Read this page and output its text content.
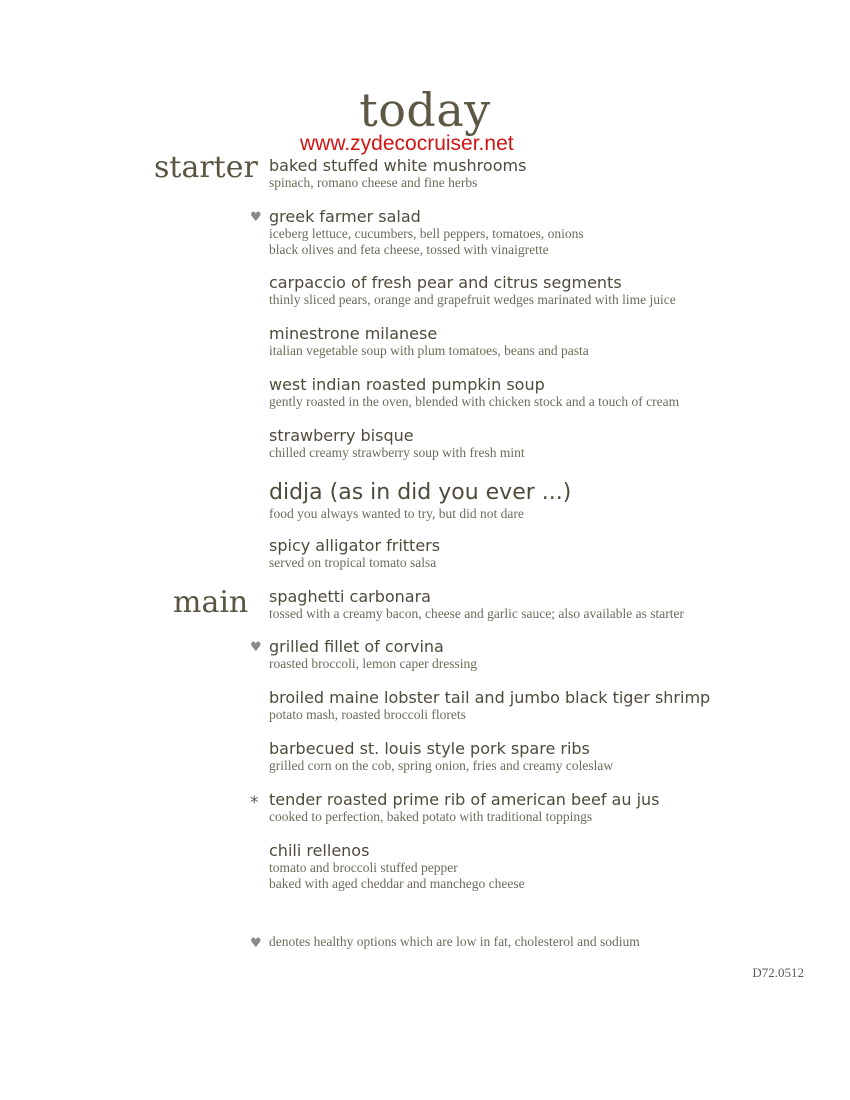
today
www.zydecocruiser.net
starter
main
baked stuffed white mushrooms
spinach, romano cheese and fine herbs
♥ greek farmer salad
iceberg lettuce, cucumbers, bell peppers, tomatoes, onions
black olives and feta cheese, tossed with vinaigrette
carpaccio of fresh pear and citrus segments
thinly sliced pears, orange and grapefruit wedges marinated with lime juice
minestrone milanese
italian vegetable soup with plum tomatoes, beans and pasta
west indian roasted pumpkin soup
gently roasted in the oven, blended with chicken stock and a touch of cream
strawberry bisque
chilled creamy strawberry soup with fresh mint
didja (as in did you ever ...)
food you always wanted to try, but did not dare
spicy alligator fritters
served on tropical tomato salsa
spaghetti carbonara
tossed with a creamy bacon, cheese and garlic sauce; also available as starter
♥ grilled fillet of corvina
roasted broccoli, lemon caper dressing
broiled maine lobster tail and jumbo black tiger shrimp
potato mash, roasted broccoli florets
barbecued st. louis style pork spare ribs
grilled corn on the cob, spring onion, fries and creamy coleslaw
* tender roasted prime rib of american beef au jus
cooked to perfection, baked potato with traditional toppings
chili rellenos
tomato and broccoli stuffed pepper
baked with aged cheddar and manchego cheese
♥ denotes healthy options which are low in fat, cholesterol and sodium
D72.0512
